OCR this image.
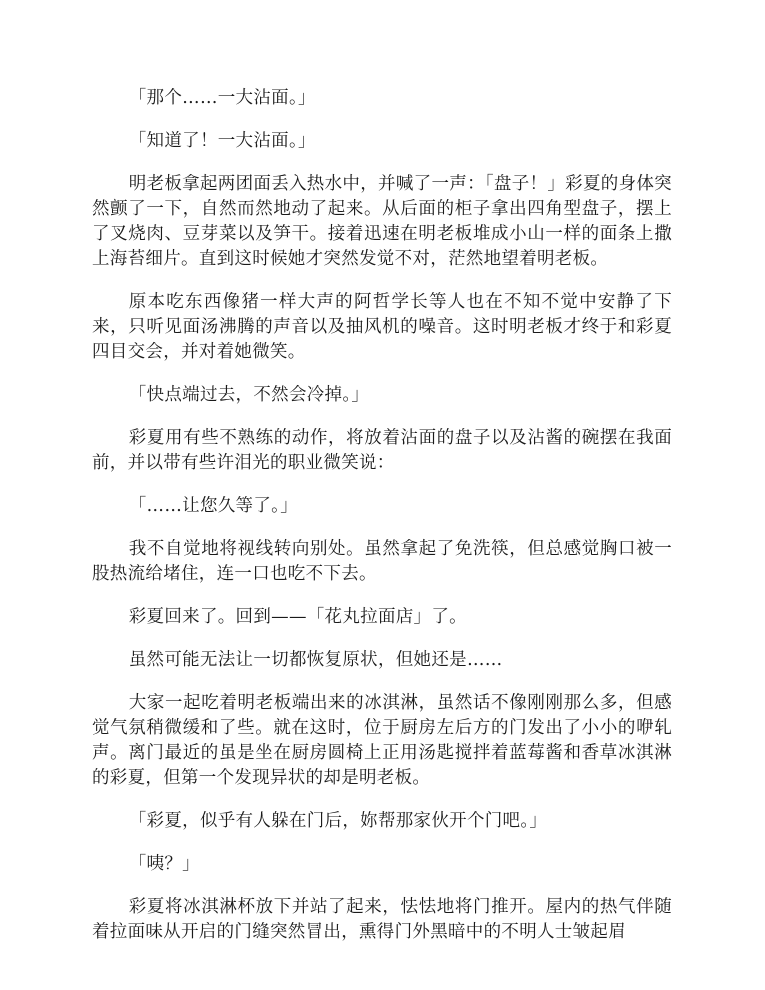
「那个……一大沾面。」

「知道了！一大沾面。」

明老板拿起两团面丢入热水中，并喊了一声：「盘子！」彩夏的身体突然颤了一下，自然而然地动了起来。从后面的柜子拿出四角型盘子，摆上了叉烧肉、豆芽菜以及笋干。接着迅速在明老板堆成小山一样的面条上撒上海苔细片。直到这时候她才突然发觉不对，茫然地望着明老板。

原本吃东西像猪一样大声的阿哲学长等人也在不知不觉中安静了下来，只听见面汤沸腾的声音以及抽风机的噪音。这时明老板才终于和彩夏四目交会，并对着她微笑。

「快点端过去，不然会冷掉。」

彩夏用有些不熟练的动作，将放着沾面的盘子以及沾酱的碗摆在我面前，并以带有些许泪光的职业微笑说：

「……让您久等了。」

我不自觉地将视线转向别处。虽然拿起了免洗筷，但总感觉胸口被一股热流给堵住，连一口也吃不下去。

彩夏回来了。回到——「花丸拉面店」了。

虽然可能无法让一切都恢复原状，但她还是……

大家一起吃着明老板端出来的冰淇淋，虽然话不像刚刚那么多，但感觉气氛稍微缓和了些。就在这时，位于厨房左后方的门发出了小小的咿轧声。离门最近的虽是坐在厨房圆椅上正用汤匙搅拌着蓝莓酱和香草冰淇淋的彩夏，但第一个发现异状的却是明老板。

「彩夏，似乎有人躲在门后，妳帮那家伙开个门吧。」

「咦？」

彩夏将冰淇淋杯放下并站了起来，怯怯地将门推开。屋内的热气伴随着拉面味从开启的门缝突然冒出，熏得门外黑暗中的不明人士皱起眉
